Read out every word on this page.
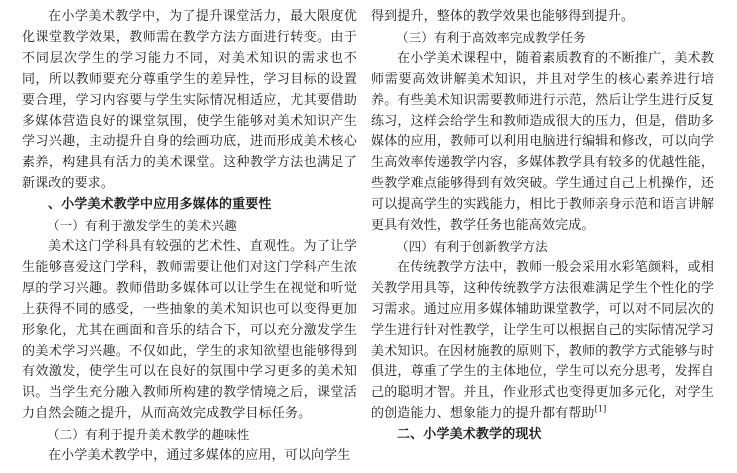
在小学美术教学中，为了提升课堂活力，最大限度优化课堂教学效果，教师需在教学方法方面进行转变。由于不同层次学生的学习能力不同，对美术知识的需求也不同，所以教师要充分尊重学生的差异性，学习目标的设置要合理，学习内容要与学生实际情况相适应，尤其要借助多媒体营造良好的课堂氛围，使学生能够对美术知识产生学习兴趣，主动提升自身的绘画功底，进而形成美术核心素养，构建具有活力的美术课堂。这种教学方法也满足了新课改的要求。

、小学美术教学中应用多媒体的重要性

（一）有利于激发学生的美术兴趣

美术这门学科具有较强的艺术性、直观性。为了让学生能够喜爱这门学科，教师需要让他们对这门学科产生浓厚的学习兴趣。教师借助多媒体可以让学生在视觉和听觉上获得不同的感受，一些抽象的美术知识也可以变得更加形象化，尤其在画面和音乐的结合下，可以充分激发学生的美术学习兴趣。不仅如此，学生的求知欲望也能够得到有效激发，使学生可以在良好的氛围中学习更多的美术知识。当学生充分融入教师所构建的教学情境之后，课堂活力自然会随之提升，从而高效完成教学目标任务。

（二）有利于提升美术教学的趣味性

在小学美术教学中，通过多媒体的应用，可以向学生

得到提升，整体的教学效果也能够得到提升。

（三）有利于高效率完成教学任务

在小学美术课程中，随着素质教育的不断推广，美术教师需要高效讲解美术知识，并且对学生的核心素养进行培养。有些美术知识需要教师进行示范，然后让学生进行反复练习，这样会给学生和教师造成很大的压力，但是，借助多媒体的应用，教师可以利用电脑进行编辑和修改，可以向学生高效率传递教学内容，多媒体教学具有较多的优越性能， 些教学难点能够得到有效突破。学生通过自己上机操作，还可以提高学生的实践能力，相比于教师亲身示范和语言讲解更具有效性，教学任务也能高效完成。

（四）有利于创新教学方法

在传统教学方法中，教师一般会采用水彩笔颜料，或相关教学用具等，这种传统教学方法很难满足学生个性化的学习需求。通过应用多媒体辅助课堂教学，可以对不同层次的学生进行针对性教学，让学生可以根据自己的实际情况学习美术知识。在因材施教的原则下，教师的教学方式能够与时俱进，尊重了学生的主体地位，学生可以充分思考，发挥自己的聪明才智。并且，作业形式也变得更加多元化，对学生的创造能力、想象能力的提升都有帮助[1]

二、小学美术教学的现状
